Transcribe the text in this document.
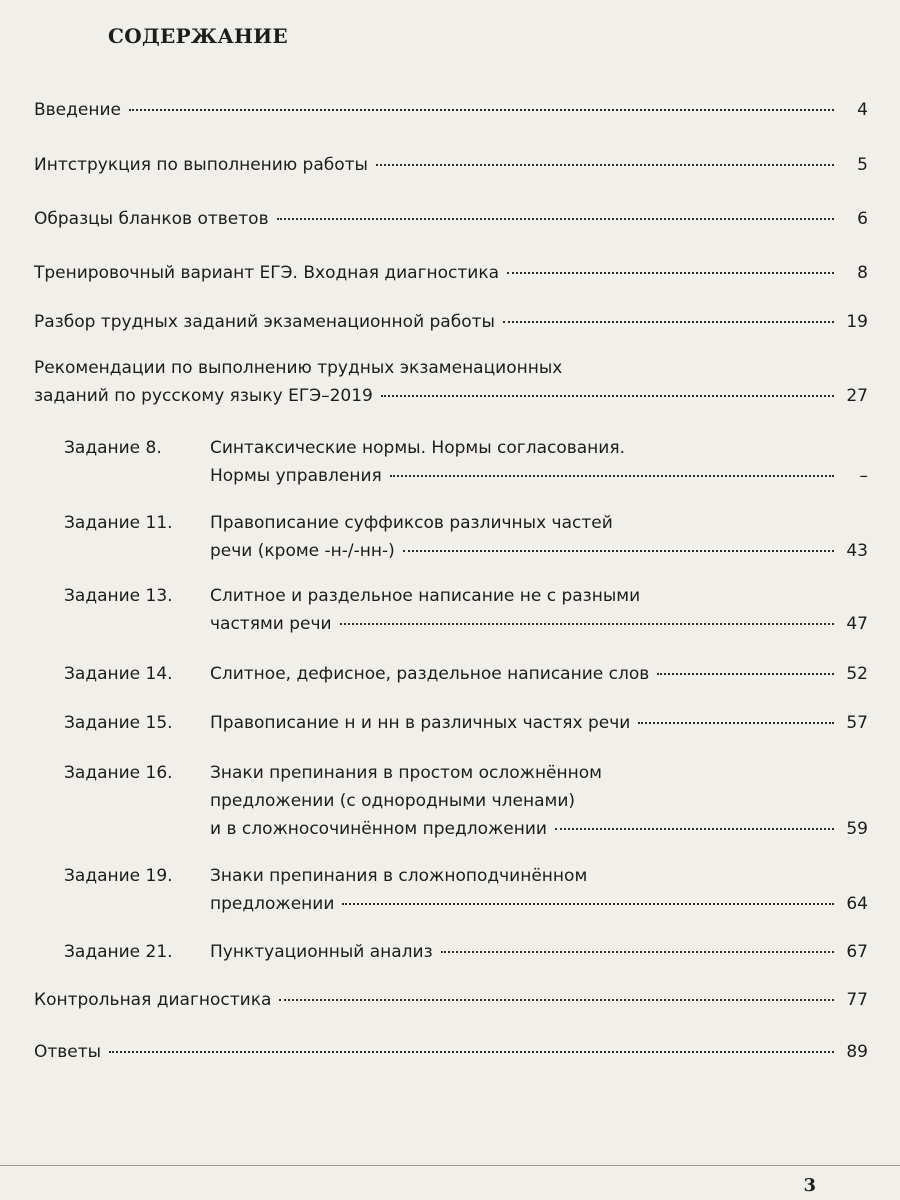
СОДЕРЖАНИЕ
Введение	4
Интструкция по выполнению работы	5
Образцы бланков ответов	6
Тренировочный вариант ЕГЭ. Входная диагностика	8
Разбор трудных заданий экзаменационной работы	19
Рекомендации по выполнению трудных экзаменационных
заданий по русскому языку ЕГЭ–2019	27
Задание 8.	Синтаксические нормы. Нормы согласования.
Нормы управления	–
Задание 11. Правописание суффиксов различных частей
речи (кроме -н-/-нн-)	43
Задание 13. Слитное и раздельное написание не с разными
частями речи	47
Задание 14. Слитное, дефисное, раздельное написание слов	52
Задание 15. Правописание н и нн в различных частях речи	57
Задание 16. Знаки препинания в простом осложнённом
предложении (с однородными членами)
и в сложносочинённом предложении	59
Задание 19. Знаки препинания в сложноподчинённом
предложении	64
Задание 21. Пунктуационный анализ	67
Контрольная диагностика	77
Ответы	89
3
